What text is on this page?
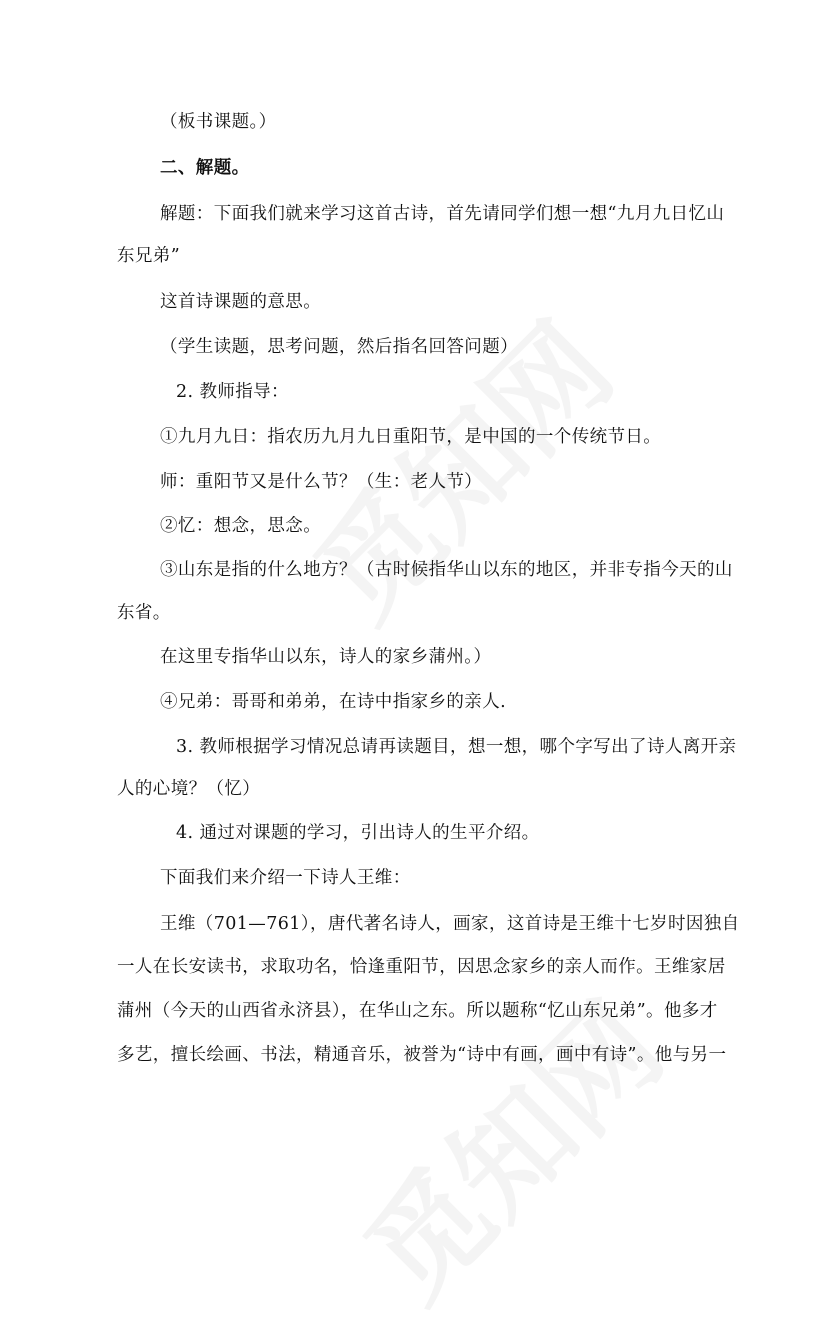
（板书课题。）
二、解题。
解题：下面我们就来学习这首古诗，首先请同学们想一想“九月九日忆山
东兄弟”
这首诗课题的意思。
（学生读题，思考问题，然后指名回答问题）
2. 教师指导：
①九月九日：指农历九月九日重阳节，是中国的一个传统节日。
师：重阳节又是什么节？（生：老人节）
②忆：想念，思念。
③山东是指的什么地方？（古时候指华山以东的地区，并非专指今天的山
东省。
在这里专指华山以东，诗人的家乡蒲州。）
④兄弟：哥哥和弟弟，在诗中指家乡的亲人.
3. 教师根据学习情况总请再读题目，想一想，哪个字写出了诗人离开亲
人的心境？（忆）
4. 通过对课题的学习，引出诗人的生平介绍。
下面我们来介绍一下诗人王维：
王维（701—761），唐代著名诗人，画家，这首诗是王维十七岁时因独自
一人在长安读书，求取功名，恰逢重阳节，因思念家乡的亲人而作。王维家居
蒲州（今天的山西省永济县），在华山之东。所以题称“忆山东兄弟”。他多才
多艺，擅长绘画、书法，精通音乐，被誉为“诗中有画，画中有诗”。他与另一
